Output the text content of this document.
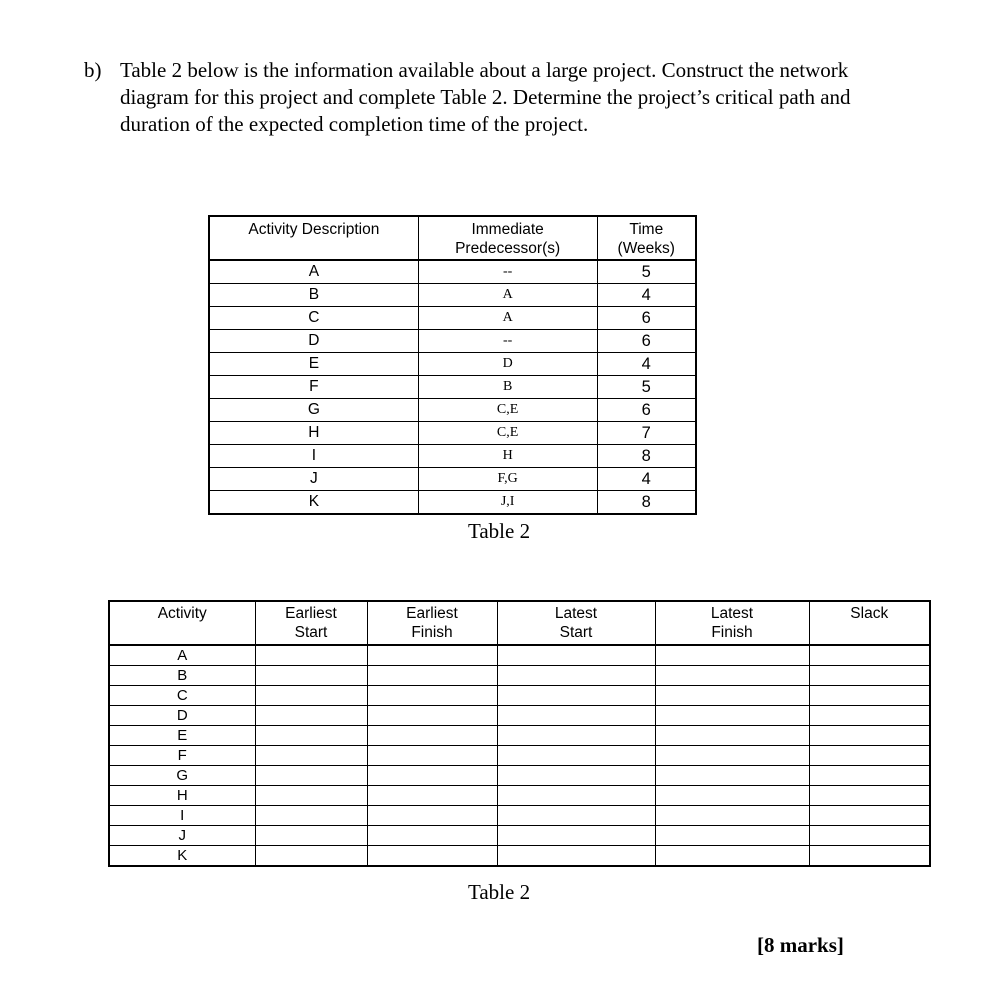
b) Table 2 below is the information available about a large project. Construct the network diagram for this project and complete Table 2. Determine the project’s critical path and duration of the expected completion time of the project.
Activity Description	Immediate Predecessor(s)	Time (Weeks)
A	--	5
B	A	4
C	A	6
D	--	6
E	D	4
F	B	5
G	C,E	6
H	C,E	7
I	H	8
J	F,G	4
K	J,I	8
Table 2
Activity	Earliest Start	Earliest Finish	Latest Start	Latest Finish	Slack
A					
B					
C					
D					
E					
F					
G					
H					
I					
J					
K					
Table 2
[8 marks]
